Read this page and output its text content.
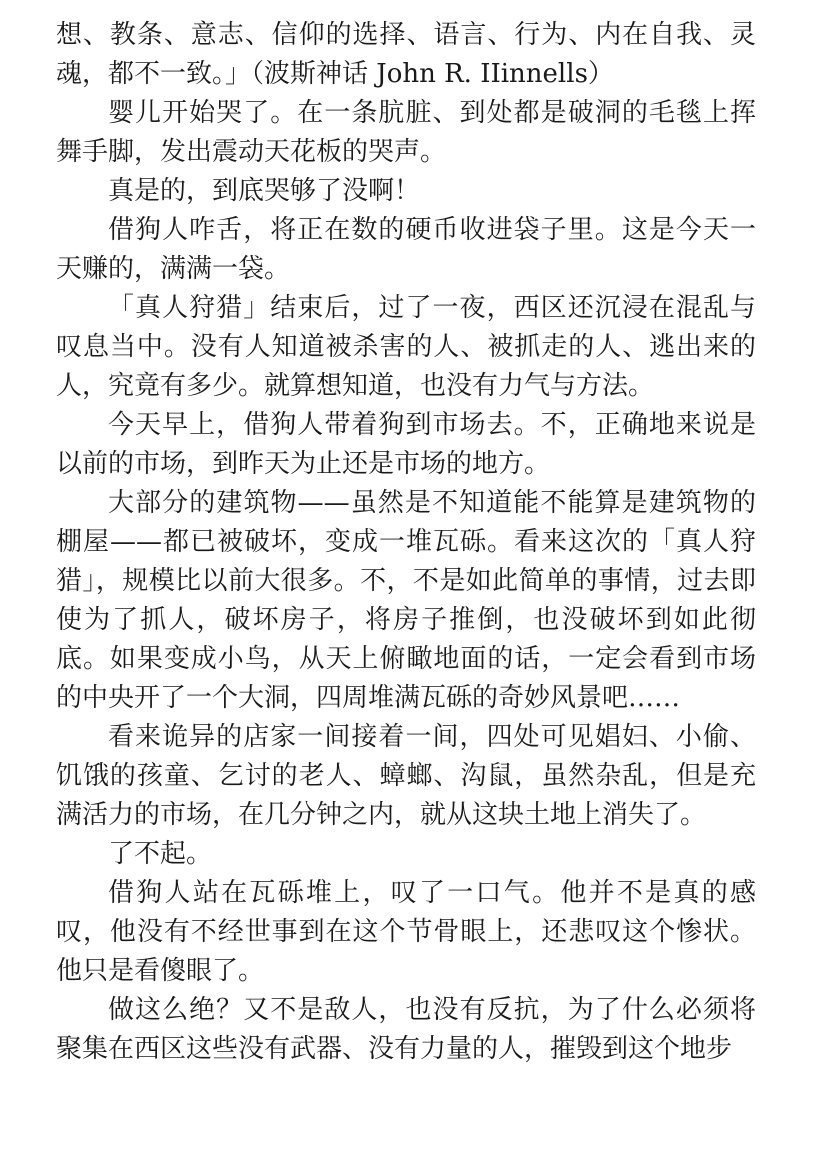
想、教条、意志、信仰的选择、语言、行为、内在自我、灵魂，都不一致。」（波斯神话 John R. IIinnells）

婴儿开始哭了。在一条肮脏、到处都是破洞的毛毯上挥舞手脚，发出震动天花板的哭声。

真是的，到底哭够了没啊！

借狗人咋舌，将正在数的硬币收进袋子里。这是今天一天赚的，满满一袋。

「真人狩猎」结束后，过了一夜，西区还沉浸在混乱与叹息当中。没有人知道被杀害的人、被抓走的人、逃出来的人，究竟有多少。就算想知道，也没有力气与方法。

今天早上，借狗人带着狗到市场去。不，正确地来说是以前的市场，到昨天为止还是市场的地方。

大部分的建筑物——虽然是不知道能不能算是建筑物的棚屋——都已被破坏，变成一堆瓦砾。看来这次的「真人狩猎」，规模比以前大很多。不，不是如此简单的事情，过去即使为了抓人，破坏房子，将房子推倒，也没破坏到如此彻底。如果变成小鸟，从天上俯瞰地面的话，一定会看到市场的中央开了一个大洞，四周堆满瓦砾的奇妙风景吧……

看来诡异的店家一间接着一间，四处可见娼妇、小偷、饥饿的孩童、乞讨的老人、蟑螂、沟鼠，虽然杂乱，但是充满活力的市场，在几分钟之内，就从这块土地上消失了。

了不起。

借狗人站在瓦砾堆上，叹了一口气。他并不是真的感叹，他没有不经世事到在这个节骨眼上，还悲叹这个惨状。他只是看傻眼了。

做这么绝？又不是敌人，也没有反抗，为了什么必须将聚集在西区这些没有武器、没有力量的人，摧毁到这个地步
